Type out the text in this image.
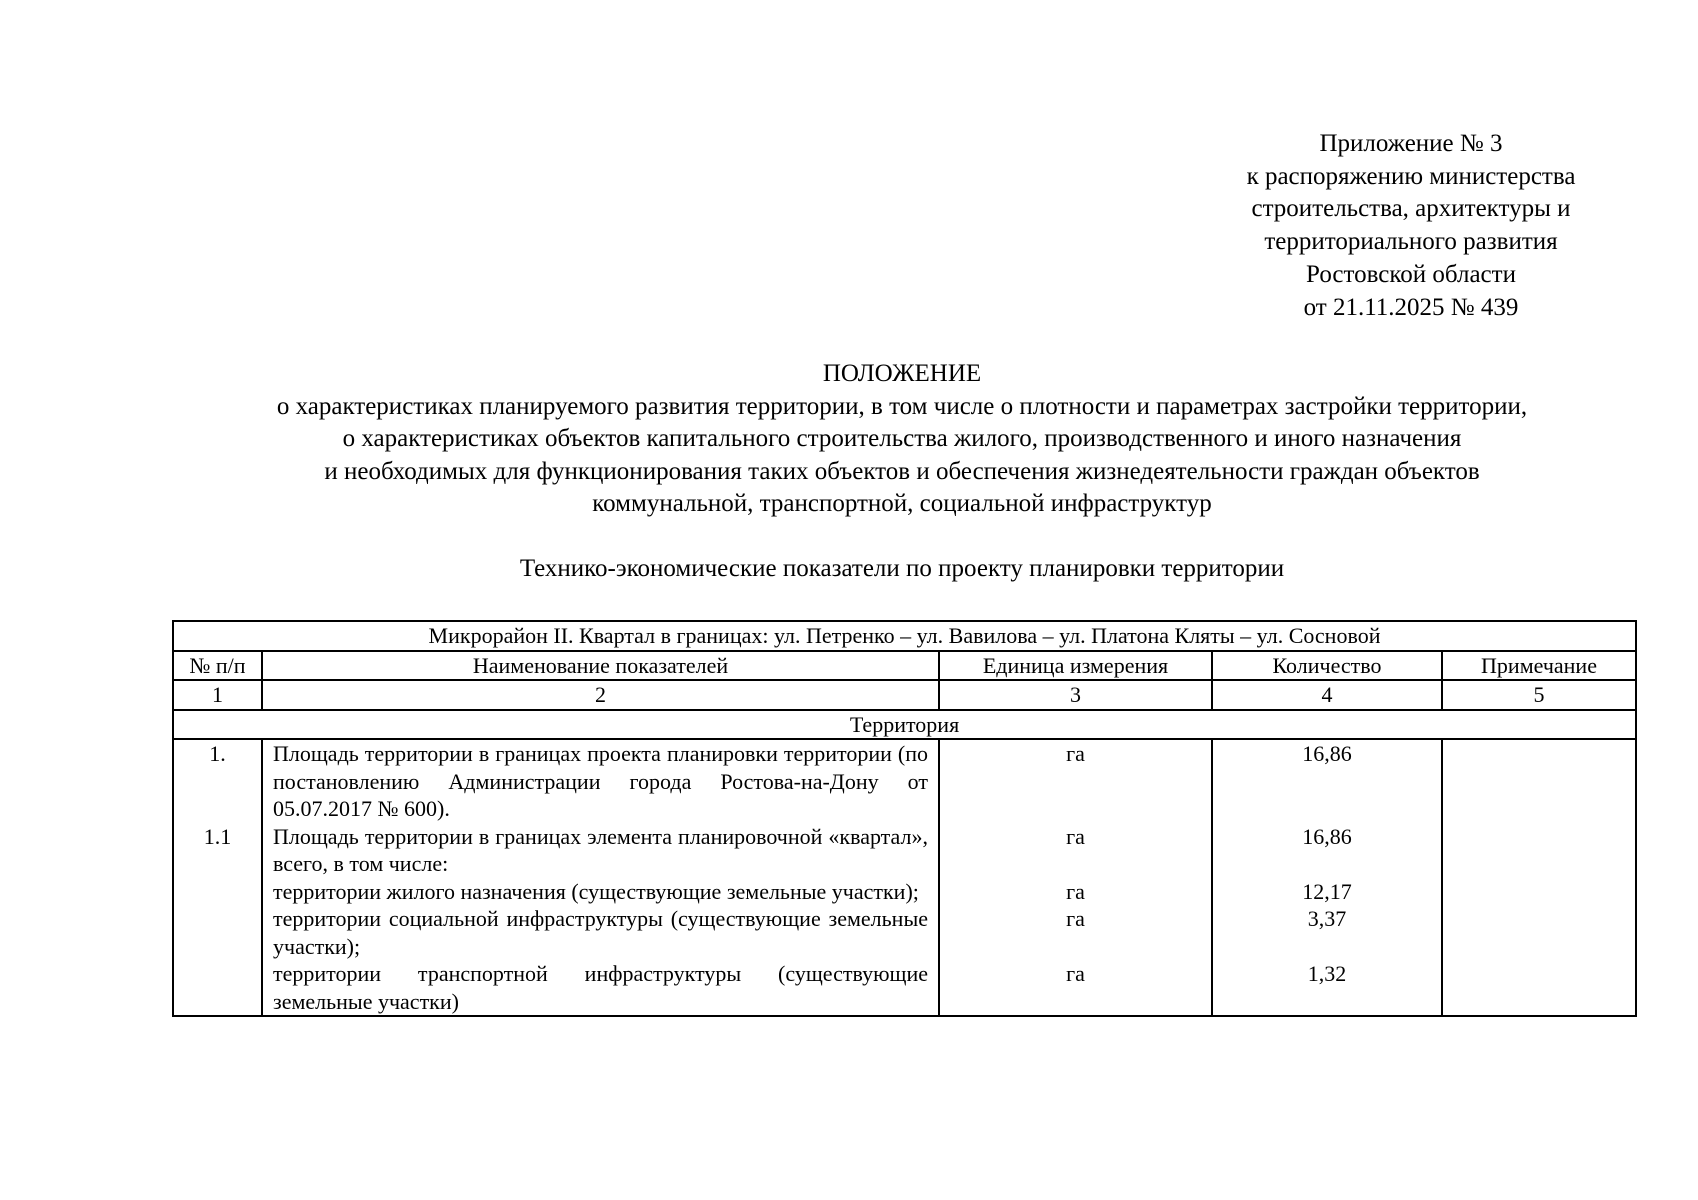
Приложение № 3
к распоряжению министерства
строительства, архитектуры и
территориального развития
Ростовской области
от 21.11.2025 № 439
ПОЛОЖЕНИЕ
о характеристиках планируемого развития территории, в том числе о плотности и параметрах застройки территории,
о характеристиках объектов капитального строительства жилого, производственного и иного назначения
и необходимых для функционирования таких объектов и обеспечения жизнедеятельности граждан объектов
коммунальной, транспортной, социальной инфраструктур
Технико-экономические показатели по проекту планировки территории
Микрорайон II. Квартал в границах: ул. Петренко – ул. Вавилова – ул. Платона Кляты – ул. Сосновой				
№ п/п	Наименование показателей	Единица измерения	Количество	Примечание
1	2	3	4	5
Территория				
1.	Площадь территории в границах проекта планировки территории (по постановлению Администрации города Ростова-на-Дону от 05.07.2017 № 600).	га	16,86	
1.1	Площадь территории в границах элемента планировочной «квартал», всего, в том числе:	га	16,86	
	территории жилого назначения (существующие земельные участки);	га	12,17	
	территории социальной инфраструктуры (существующие земельные участки);	га	3,37	
	территории транспортной инфраструктуры (существующие земельные участки)	га	1,32	
